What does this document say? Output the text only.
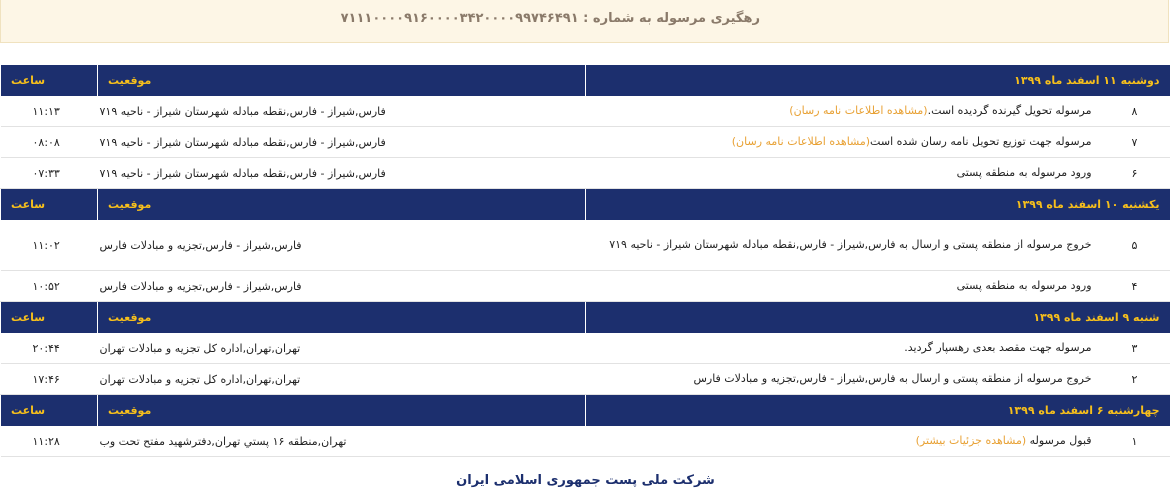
رهگیری مرسوله به شماره : ۷۱۱۱۰۰۰۰۹۱۶۰۰۰۰۳۴۲۰۰۰۰۹۹۷۴۶۴۹۱
دوشنبه ۱۱ اسفند ماه ۱۳۹۹		موقعیت	ساعت
۸	مرسوله تحویل گیرنده گردیده است.(مشاهده اطلاعات نامه رسان)	فارس,شیراز - فارس,نقطه مبادله شهرستان شیراز - ناحیه ۷۱۹	۱۱:۱۳
۷	مرسوله جهت توزیع تحویل نامه رسان شده است(مشاهده اطلاعات نامه رسان)	فارس,شیراز - فارس,نقطه مبادله شهرستان شیراز - ناحیه ۷۱۹	۰۸:۰۸
۶	ورود مرسوله به منطقه پستی	فارس,شیراز - فارس,نقطه مبادله شهرستان شیراز - ناحیه ۷۱۹	۰۷:۳۳
یکشنبه ۱۰ اسفند ماه ۱۳۹۹		موقعیت	ساعت
۵	خروج مرسوله از منطقه پستی و ارسال به فارس,شیراز - فارس,نقطه مبادله شهرستان شیراز - ناحیه ۷۱۹	فارس,شیراز - فارس,تجزیه و مبادلات فارس	۱۱:۰۲
۴	ورود مرسوله به منطقه پستی	فارس,شیراز - فارس,تجزیه و مبادلات فارس	۱۰:۵۲
شنبه ۹ اسفند ماه ۱۳۹۹		موقعیت	ساعت
۳	مرسوله جهت مقصد بعدی رهسپار گردید.	تهران,تهران,اداره کل تجزیه و مبادلات تهران	۲۰:۴۴
۲	خروج مرسوله از منطقه پستی و ارسال به فارس,شیراز - فارس,تجزیه و مبادلات فارس	تهران,تهران,اداره کل تجزیه و مبادلات تهران	۱۷:۴۶
چهارشنبه ۶ اسفند ماه ۱۳۹۹		موقعیت	ساعت
۱	قبول مرسوله (مشاهده جزئیات بیشتر)	تهران,منطقه ۱۶ پستي تهران,دفترشهید مفتح تحت وب	۱۱:۲۸
شرکت ملی پست جمهوری اسلامی ایران
